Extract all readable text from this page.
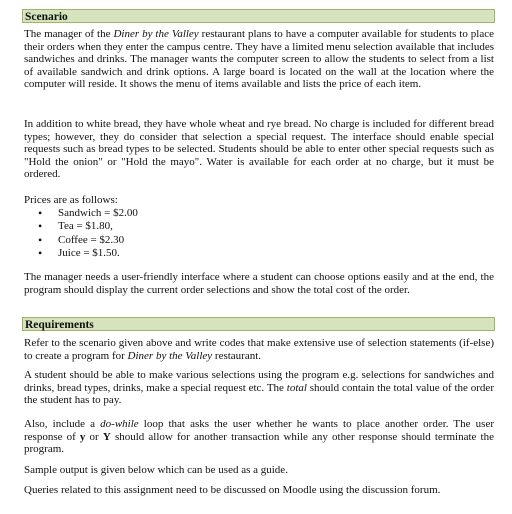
Scenario

The manager of the Diner by the Valley restaurant plans to have a computer available for students to place their orders when they enter the campus centre. They have a limited menu selection available that includes sandwiches and drinks. The manager wants the computer screen to allow the students to select from a list of available sandwich and drink options. A large board is located on the wall at the location where the computer will reside. It shows the menu of items available and lists the price of each item.

In addition to white bread, they have whole wheat and rye bread. No charge is included for different bread types; however, they do consider that selection a special request. The interface should enable special requests such as bread types to be selected. Students should be able to enter other special requests such as "Hold the onion" or "Hold the mayo". Water is available for each order at no charge, but it must be ordered.

Prices are as follows:

• Sandwich = $2.00
• Tea = $1.80,
• Coffee = $2.30
• Juice = $1.50.

The manager needs a user-friendly interface where a student can choose options easily and at the end, the program should display the current order selections and show the total cost of the order.

Requirements

Refer to the scenario given above and write codes that make extensive use of selection statements (if-else) to create a program for Diner by the Valley restaurant.

A student should be able to make various selections using the program e.g. selections for sandwiches and drinks, bread types, drinks, make a special request etc. The total should contain the total value of the order the student has to pay.

Also, include a do-while loop that asks the user whether he wants to place another order. The user response of y or Y should allow for another transaction while any other response should terminate the program.

Sample output is given below which can be used as a guide.

Queries related to this assignment need to be discussed on Moodle using the discussion forum.
